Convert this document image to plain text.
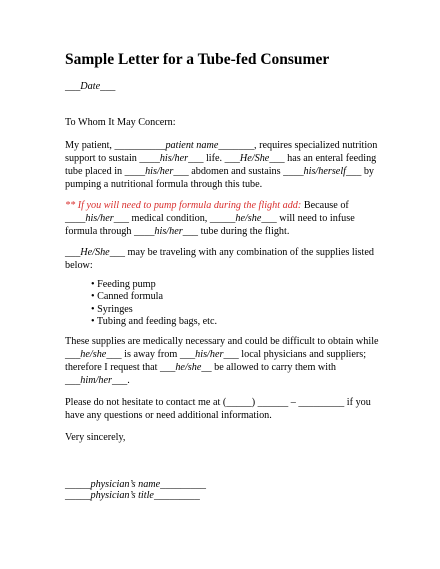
Sample Letter for a Tube-fed Consumer
___Date___
To Whom It May Concern:
My patient, __________patient name_______, requires specialized nutrition
support to sustain ____his/her___ life. ___He/She___ has an enteral feeding
tube placed in ____his/her___ abdomen and sustains ____his/herself___ by
pumping a nutritional formula through this tube.
** If you will need to pump formula during the flight add: Because of
____his/her___ medical condition, _____he/she___ will need to infuse
formula through ____his/her___ tube during the flight.
___He/She___ may be traveling with any combination of the supplies listed
below:
• Feeding pump
• Canned formula
• Syringes
• Tubing and feeding bags, etc.
These supplies are medically necessary and could be difficult to obtain while
___he/she___ is away from ___his/her___ local physicians and suppliers;
therefore I request that ___he/she__ be allowed to carry them with
___him/her___.
Please do not hesitate to contact me at (_____) ______ – _________ if you
have any questions or need additional information.
Very sincerely,
_____physician’s name_________
_____physician’s title_________
